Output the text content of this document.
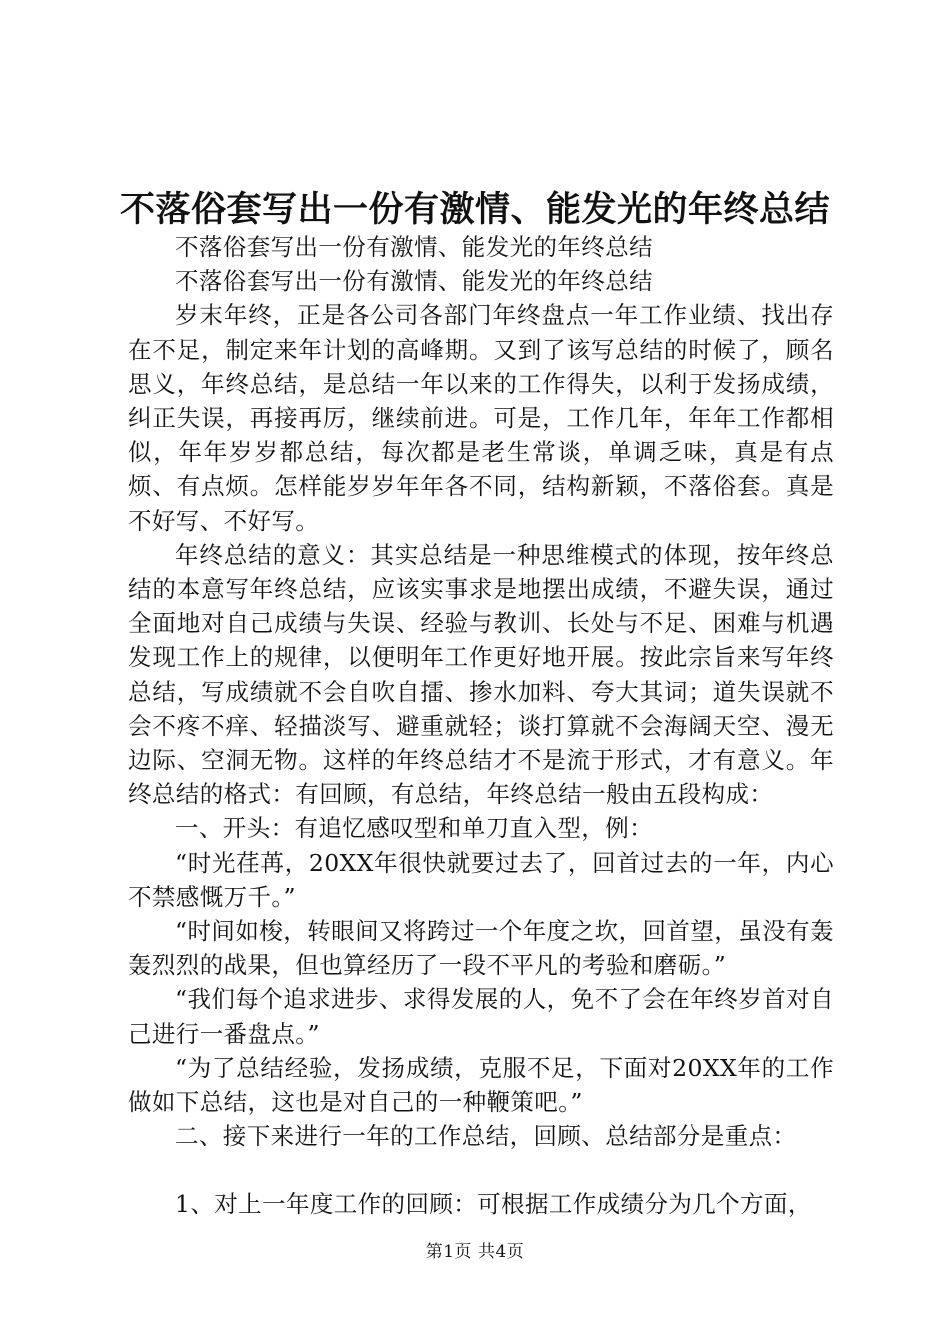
不落俗套写出一份有激情、能发光的年终总结

不落俗套写出一份有激情、能发光的年终总结

不落俗套写出一份有激情、能发光的年终总结

岁末年终，正是各公司各部门年终盘点一年工作业绩、找出存在不足，制定来年计划的高峰期。又到了该写总结的时候了，顾名思义，年终总结，是总结一年以来的工作得失，以利于发扬成绩，纠正失误，再接再厉，继续前进。可是，工作几年，年年工作都相似，年年岁岁都总结，每次都是老生常谈，单调乏味，真是有点烦、有点烦。怎样能岁岁年年各不同，结构新颖，不落俗套。真是不好写、不好写。

年终总结的意义：其实总结是一种思维模式的体现，按年终总结的本意写年终总结，应该实事求是地摆出成绩，不避失误，通过全面地对自己成绩与失误、经验与教训、长处与不足、困难与机遇发现工作上的规律，以便明年工作更好地开展。按此宗旨来写年终总结，写成绩就不会自吹自擂、掺水加料、夸大其词；道失误就不会不疼不痒、轻描淡写、避重就轻；谈打算就不会海阔天空、漫无边际、空洞无物。这样的年终总结才不是流于形式，才有意义。年终总结的格式：有回顾，有总结，年终总结一般由五段构成：

一、开头：有追忆感叹型和单刀直入型，例：

“时光荏苒，20XX年很快就要过去了，回首过去的一年，内心不禁感慨万千。”

“时间如梭，转眼间又将跨过一个年度之坎，回首望，虽没有轰轰烈烈的战果，但也算经历了一段不平凡的考验和磨砺。”

“我们每个追求进步、求得发展的人，免不了会在年终岁首对自己进行一番盘点。”

“为了总结经验，发扬成绩，克服不足，下面对20XX年的工作做如下总结，这也是对自己的一种鞭策吧。”

二、接下来进行一年的工作总结，回顾、总结部分是重点：

1、对上一年度工作的回顾：可根据工作成绩分为几个方面，

第1页 共4页
